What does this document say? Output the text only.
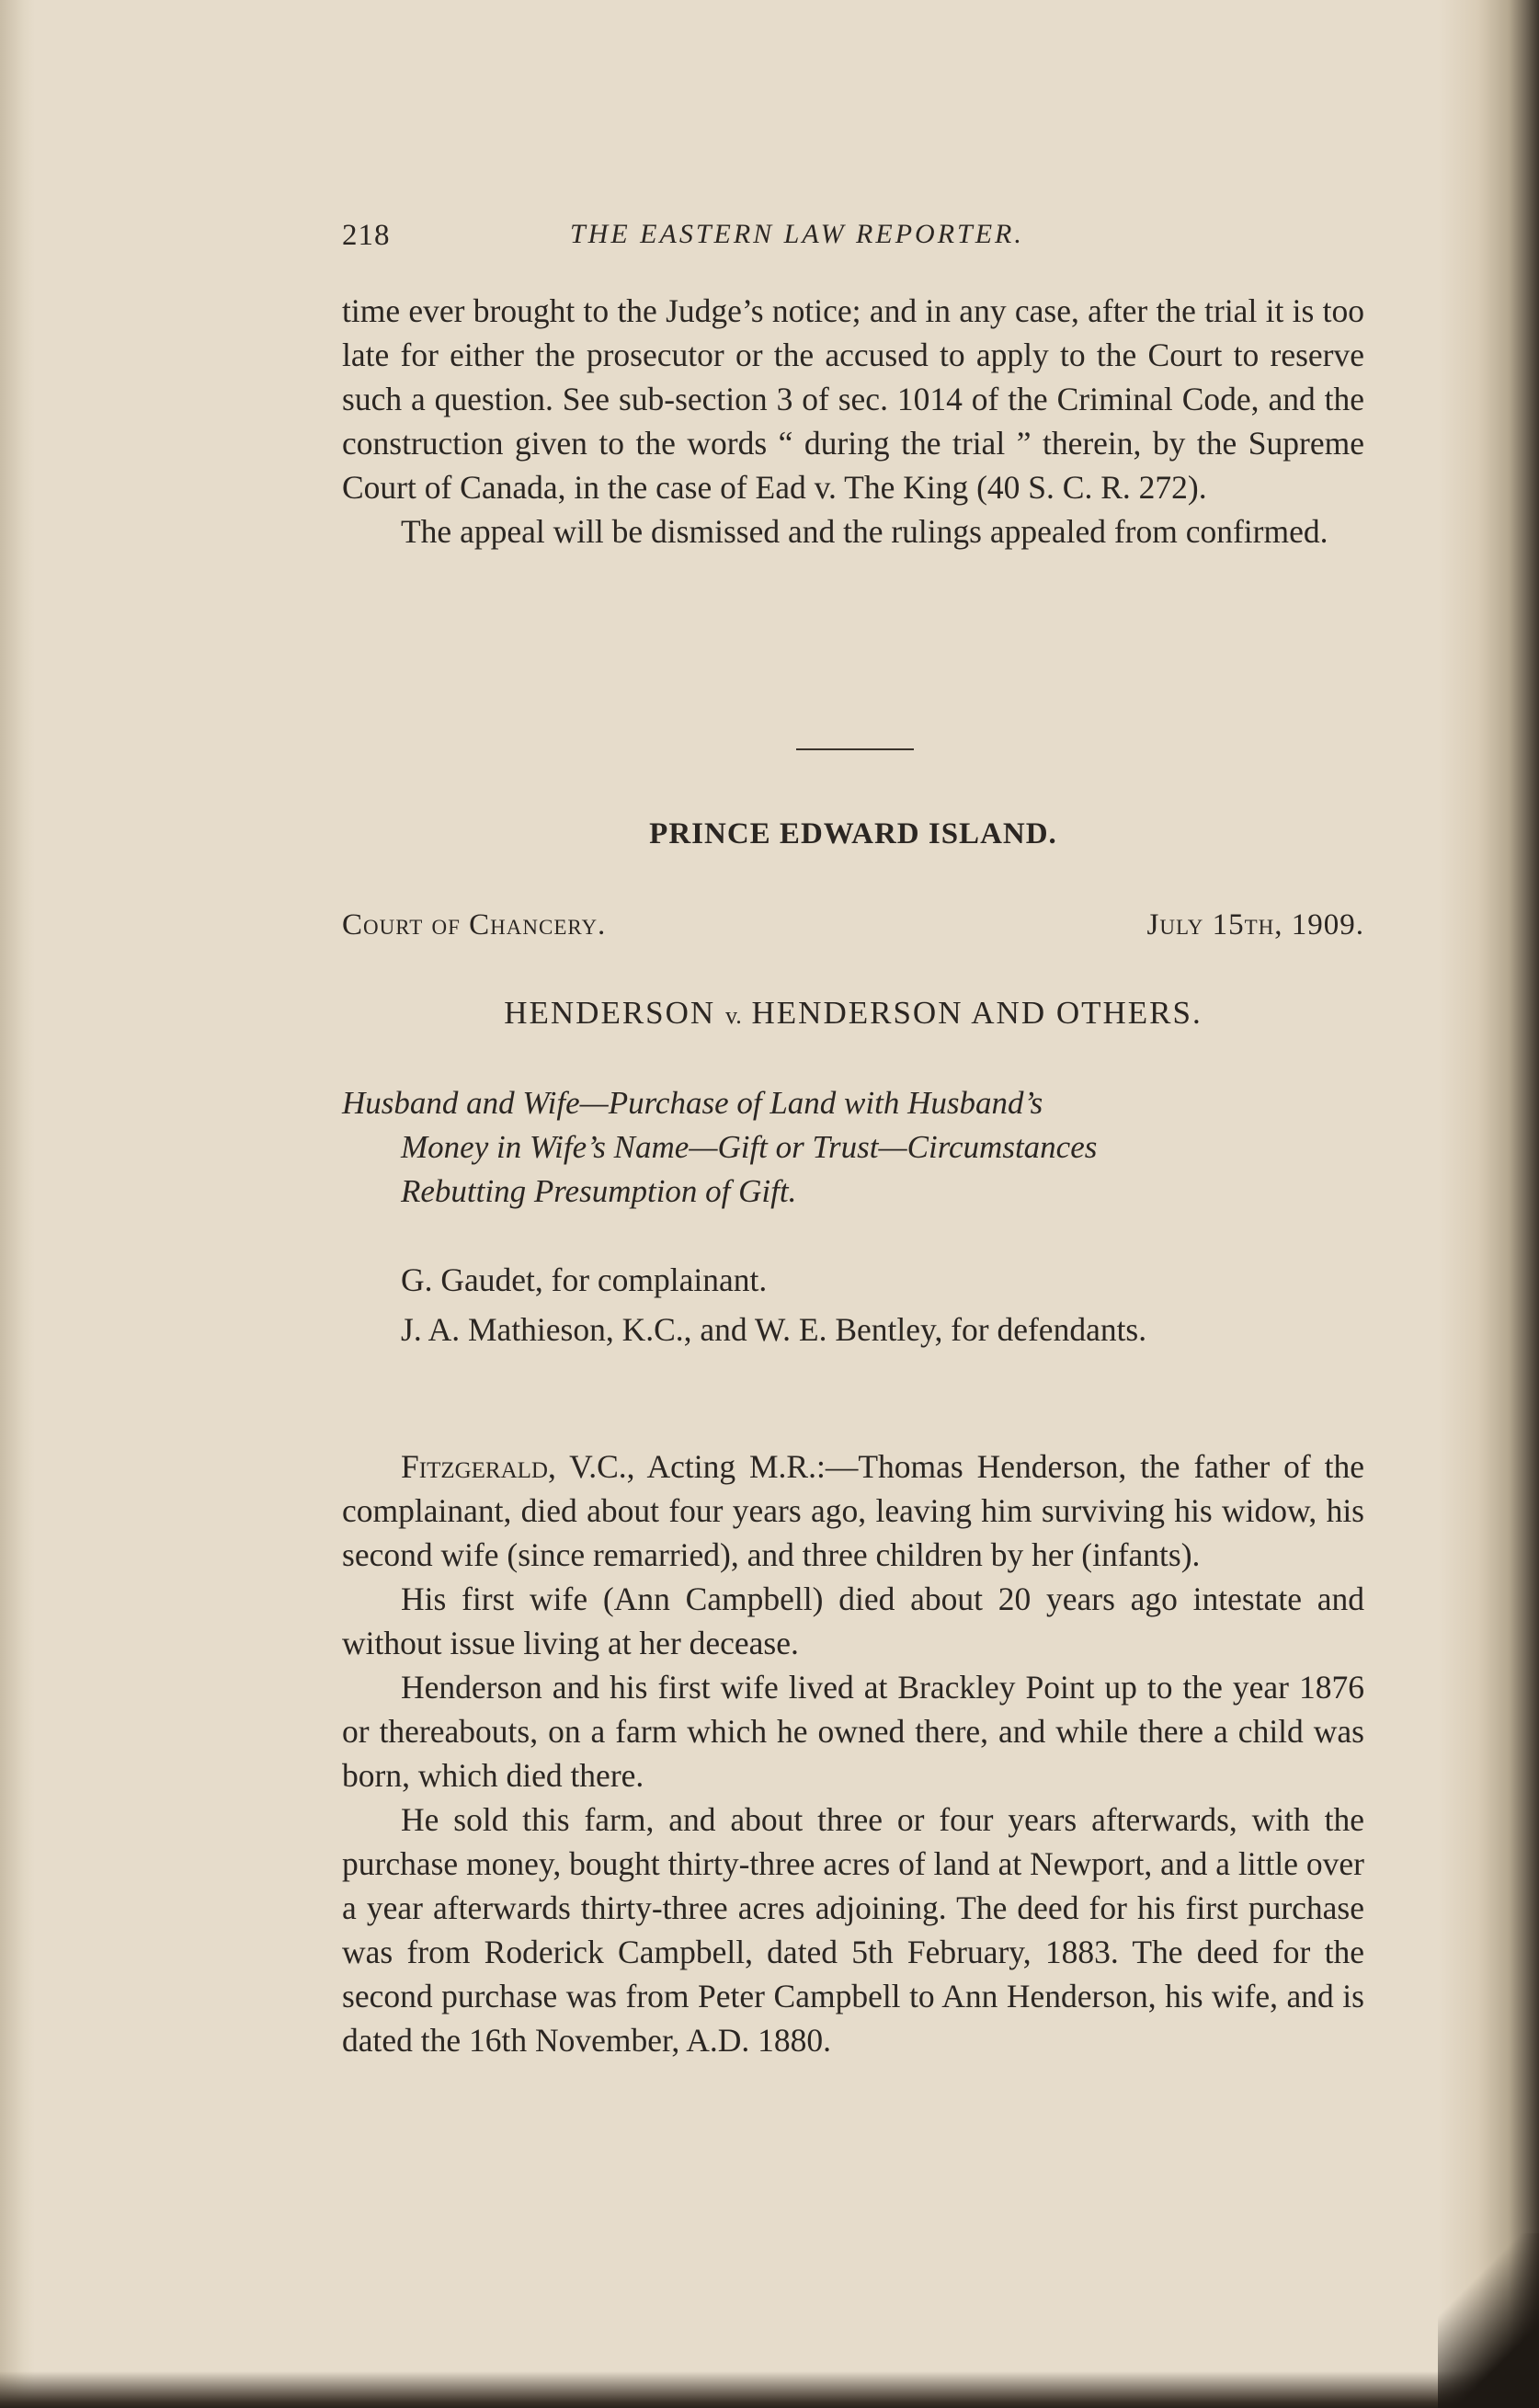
218	THE EASTERN LAW REPORTER.

time ever brought to the Judge’s notice; and in any case, after the trial it is too late for either the prosecutor or the accused to apply to the Court to reserve such a question. See sub-section 3 of sec. 1014 of the Criminal Code, and the construction given to the words “ during the trial ” therein, by the Supreme Court of Canada, in the case of Ead v. The King (40 S. C. R. 272).

The appeal will be dismissed and the rulings appealed from confirmed.

PRINCE EDWARD ISLAND.
Court of Chancery.	July 15th, 1909.
HENDERSON v. HENDERSON AND OTHERS.
Husband and Wife—Purchase of Land with Husband’s
Money in Wife’s Name—Gift or Trust—Circumstances
Rebutting Presumption of Gift.

G. Gaudet, for complainant.

J. A. Mathieson, K.C., and W. E. Bentley, for defendants.

Fitzgerald, V.C., Acting M.R.:—Thomas Henderson, the father of the complainant, died about four years ago, leaving him surviving his widow, his second wife (since remarried), and three children by her (infants).

His first wife (Ann Campbell) died about 20 years ago intestate and without issue living at her decease.

Henderson and his first wife lived at Brackley Point up to the year 1876 or thereabouts, on a farm which he owned there, and while there a child was born, which died there.

He sold this farm, and about three or four years afterwards, with the purchase money, bought thirty-three acres of land at Newport, and a little over a year afterwards thirty-three acres adjoining. The deed for his first purchase was from Roderick Campbell, dated 5th February, 1883. The deed for the second purchase was from Peter Campbell to Ann Henderson, his wife, and is dated the 16th November, A.D. 1880.
